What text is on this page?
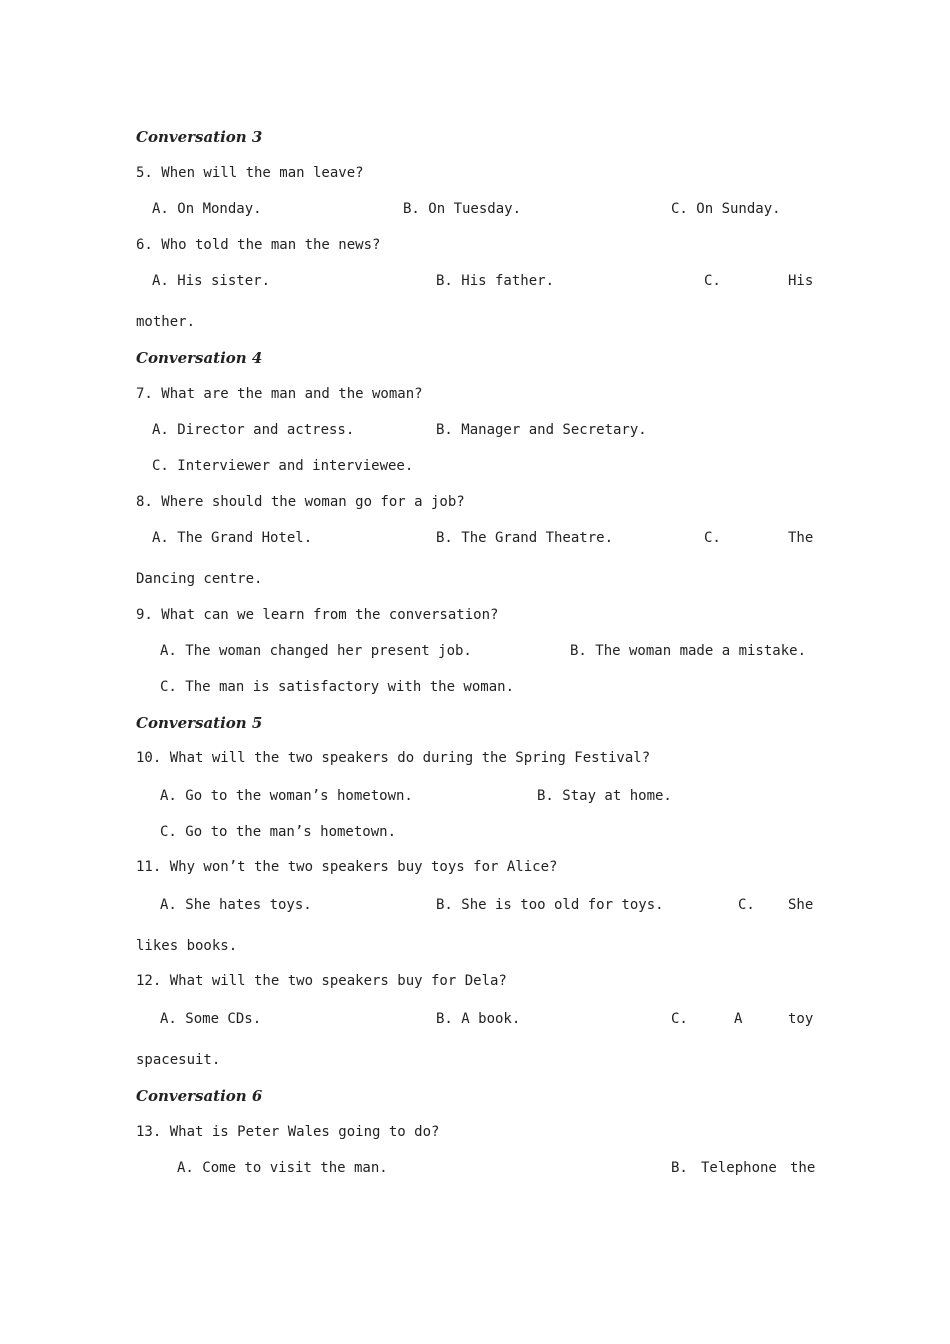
Conversation 3
5. When will the man leave?
A. On Monday.	B. On Tuesday.	C. On Sunday.
6. Who told the man the news?
A. His sister.	B. His father.	C.	His
mother.
Conversation 4
7. What are the man and the woman?
A. Director and actress.	B. Manager and Secretary.
C. Interviewer and interviewee.
8. Where should the woman go for a job?
A. The Grand Hotel.	B. The Grand Theatre.	C.	The
Dancing centre.
9. What can we learn from the conversation?
A. The woman changed her present job.	B. The woman made a mistake.
C. The man is satisfactory with the woman.
Conversation 5
10. What will the two speakers do during the Spring Festival?
A. Go to the woman’s hometown.	B. Stay at home.
C. Go to the man’s hometown.
11. Why won’t the two speakers buy toys for Alice?
A. She hates toys.	B. She is too old for toys.	C. She
likes books.
12. What will the two speakers buy for Dela?
A. Some CDs.	B. A book.	C.	A	toy
spacesuit.
Conversation 6
13. What is Peter Wales going to do?
A. Come to visit the man.	B. Telephone the
